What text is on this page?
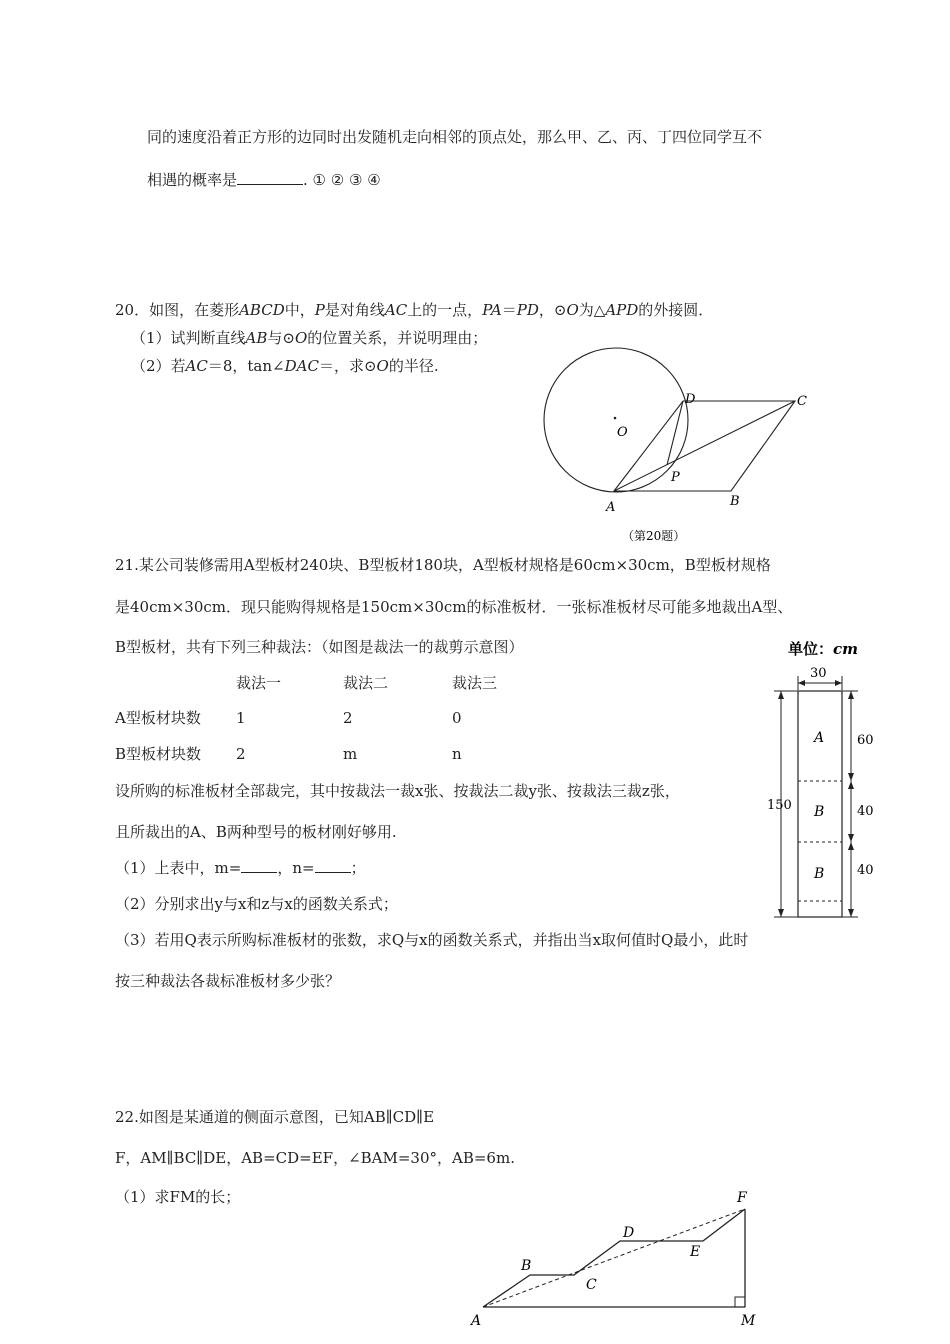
同的速度沿着正方形的边同时出发随机走向相邻的顶点处，那么甲、乙、丙、丁四位同学互不
相遇的概率是	. ① ② ③ ④
20．如图，在菱形ABCD中，P是对角线AC上的一点，PA＝PD，⊙O为△APD的外接圆．
（1）试判断直线AB与⊙O的位置关系，并说明理由；
（2）若AC＝8，tan∠DAC＝，求⊙O的半径.
D	C
O
P
A	B
（第20题）
21.某公司装修需用A型板材240块、B型板材180块，A型板材规格是60cm×30cm，B型板材规格
是40cm×30cm．现只能购得规格是150cm×30cm的标准板材．一张标准板材尽可能多地裁出A型、
B型板材，共有下列三种裁法：（如图是裁法一的裁剪示意图）
裁法一	裁法二	裁法三
A型板材块数 1	2	0
B型板材块数 2	m	n
设所购的标准板材全部裁完，其中按裁法一裁x张、按裁法二裁y张、按裁法三裁z张，
且所裁出的A、B两种型号的板材刚好够用.
（1）上表中，m= ，n= ；
（2）分别求出y与x和z与x的函数关系式；
（3）若用Q表示所购标准板材的张数，求Q与x的函数关系式，并指出当x取何值时Q最小，此时
按三种裁法各裁标准板材多少张？
单位：cm
30
A
B
B
150
60
40
40
22.如图是某通道的侧面示意图，已知AB∥CD∥E
F，AM∥BC∥DE，AB=CD=EF，∠BAM=30°，AB=6m.
（1）求FM的长；
A
B
C
D
E
F
M
